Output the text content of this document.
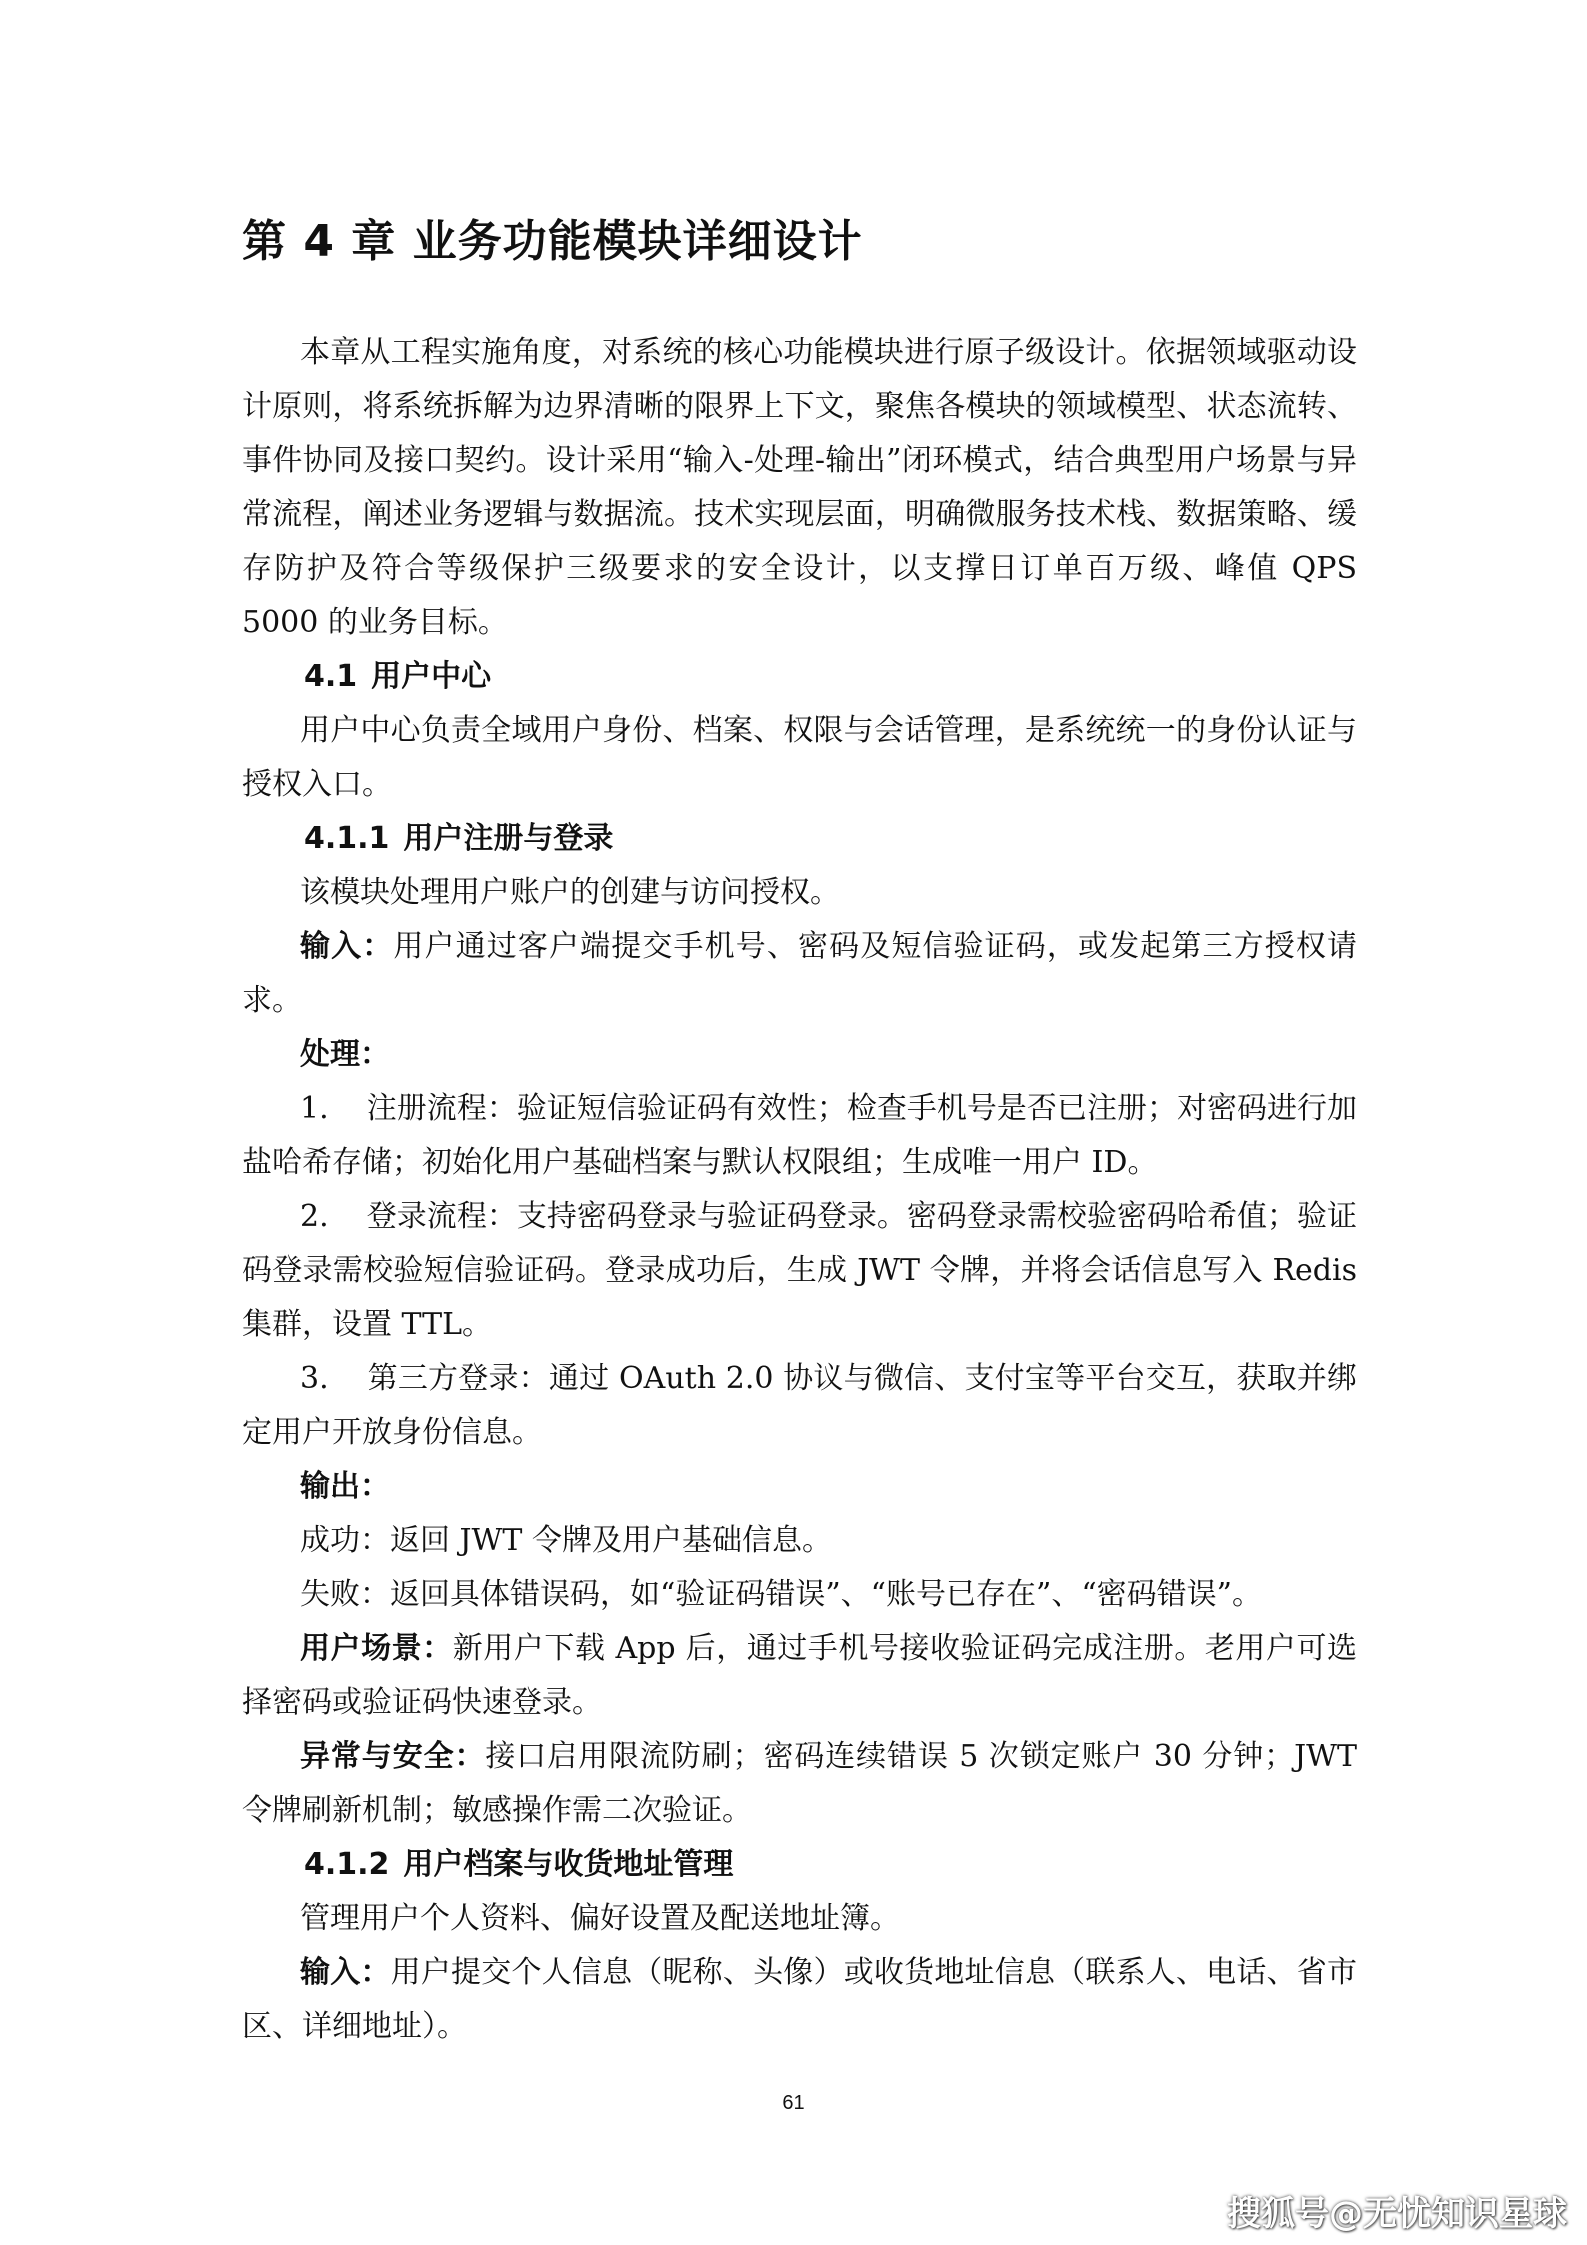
第 4 章 业务功能模块详细设计

本章从工程实施角度，对系统的核心功能模块进行原子级设计。依据领域驱动设计原则，将系统拆解为边界清晰的限界上下文，聚焦各模块的领域模型、状态流转、事件协同及接口契约。设计采用“输入-处理-输出”闭环模式，结合典型用户场景与异常流程，阐述业务逻辑与数据流。技术实现层面，明确微服务技术栈、数据策略、缓存防护及符合等级保护三级要求的安全设计，以支撑日订单百万级、峰值 QPS 5000 的业务目标。

4.1 用户中心

用户中心负责全域用户身份、档案、权限与会话管理，是系统统一的身份认证与授权入口。

4.1.1 用户注册与登录

该模块处理用户账户的创建与访问授权。

输入：用户通过客户端提交手机号、密码及短信验证码，或发起第三方授权请求。

处理：

1. 注册流程：验证短信验证码有效性；检查手机号是否已注册；对密码进行加盐哈希存储；初始化用户基础档案与默认权限组；生成唯一用户 ID。

2. 登录流程：支持密码登录与验证码登录。密码登录需校验密码哈希值；验证码登录需校验短信验证码。登录成功后，生成 JWT 令牌，并将会话信息写入 Redis 集群，设置 TTL。

3. 第三方登录：通过 OAuth 2.0 协议与微信、支付宝等平台交互，获取并绑定用户开放身份信息。

输出：

成功：返回 JWT 令牌及用户基础信息。

失败：返回具体错误码，如“验证码错误”、“账号已存在”、“密码错误”。

用户场景：新用户下载 App 后，通过手机号接收验证码完成注册。老用户可选择密码或验证码快速登录。

异常与安全：接口启用限流防刷；密码连续错误 5 次锁定账户 30 分钟；JWT 令牌刷新机制；敏感操作需二次验证。

4.1.2 用户档案与收货地址管理

管理用户个人资料、偏好设置及配送地址簿。

输入：用户提交个人信息（昵称、头像）或收货地址信息（联系人、电话、省市区、详细地址）。

61
搜狐号@无忧知识星球
